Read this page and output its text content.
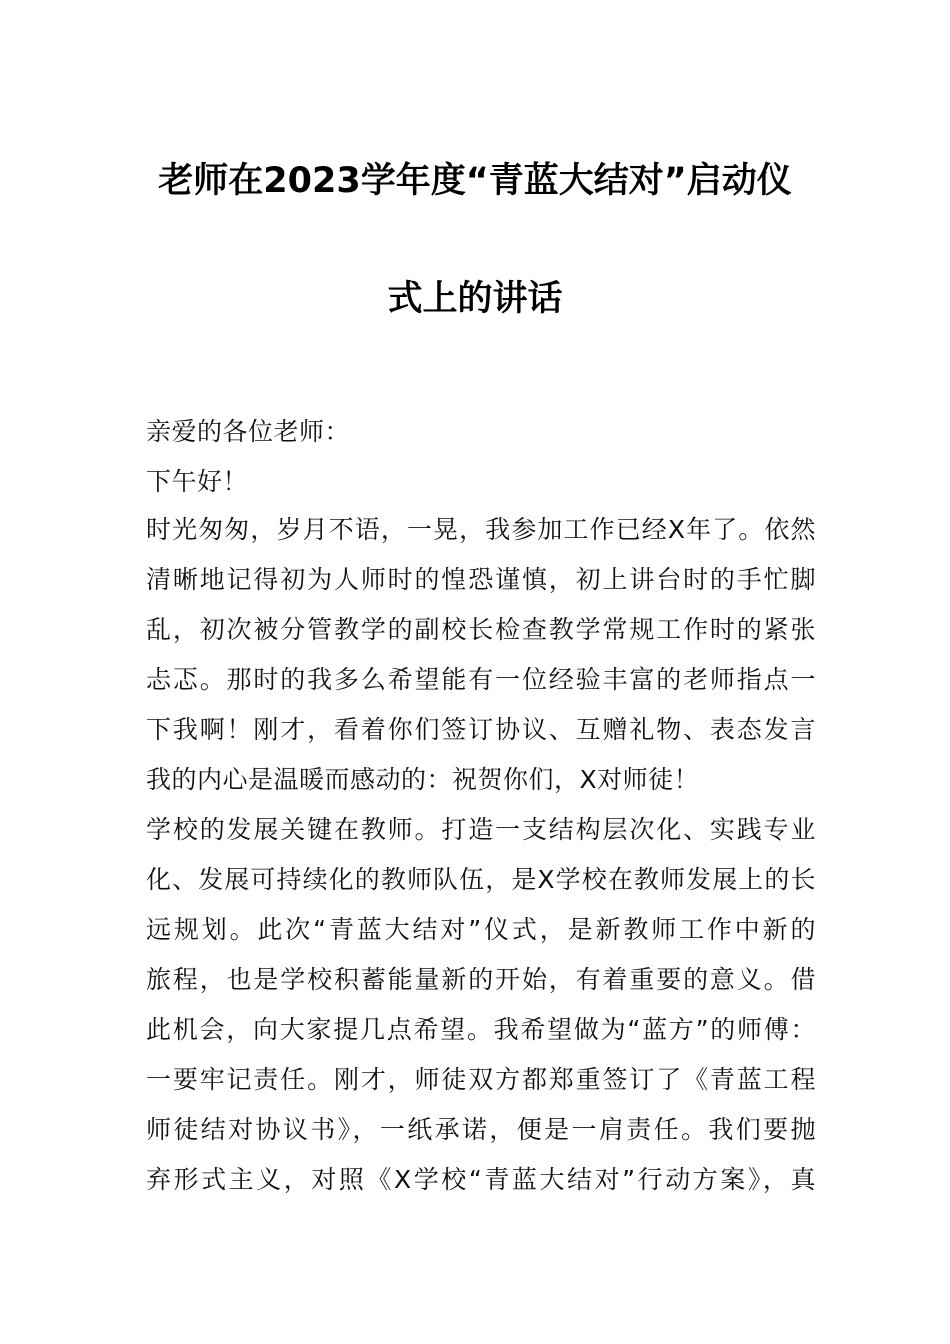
老师在2023学年度“青蓝大结对”启动仪
式上的讲话
亲爱的各位老师：
下午好！
时光匆匆，岁月不语，一晃，我参加工作已经X年了。依然
清晰地记得初为人师时的惶恐谨慎，初上讲台时的手忙脚
乱，初次被分管教学的副校长检查教学常规工作时的紧张
忐忑。那时的我多么希望能有一位经验丰富的老师指点一
下我啊！刚才，看着你们签订协议、互赠礼物、表态发言
我的内心是温暖而感动的：祝贺你们，X对师徒！
学校的发展关键在教师。打造一支结构层次化、实践专业
化、发展可持续化的教师队伍，是X学校在教师发展上的长
远规划。此次“青蓝大结对”仪式，是新教师工作中新的
旅程，也是学校积蓄能量新的开始，有着重要的意义。借
此机会，向大家提几点希望。我希望做为“蓝方”的师傅：
一要牢记责任。刚才，师徒双方都郑重签订了《青蓝工程
师徒结对协议书》，一纸承诺，便是一肩责任。我们要抛
弃形式主义，对照《X学校“青蓝大结对”行动方案》，真
